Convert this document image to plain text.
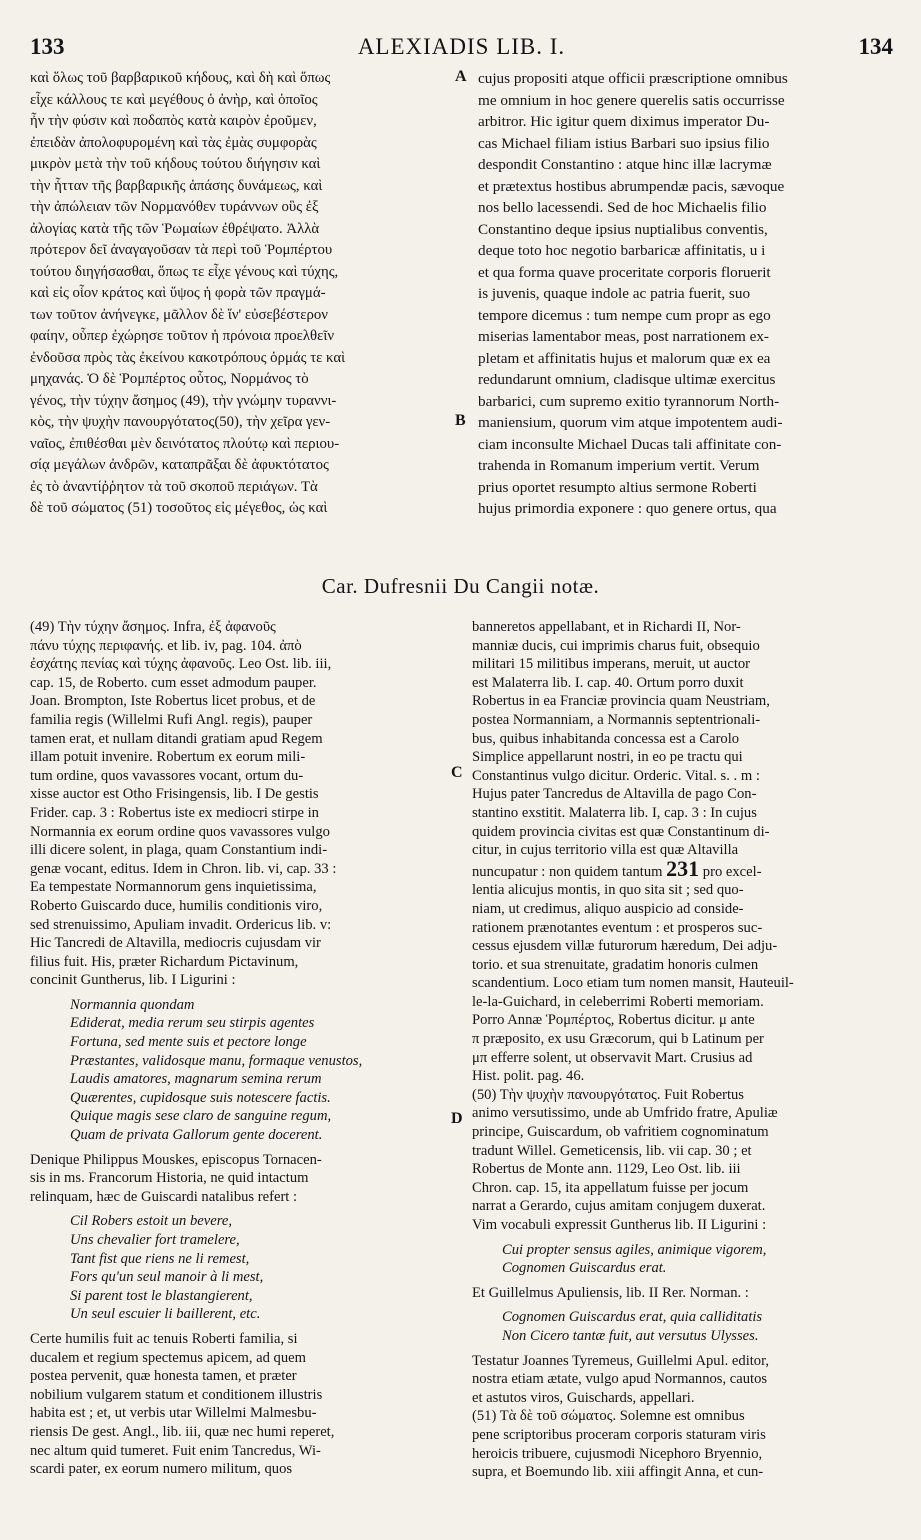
133	ALEXIADIS LIB. I.	134
καὶ ὅλως τοῦ βαρβαρικοῦ κήδους, καὶ δὴ καὶ ὅπως
εἶχε κάλλους τε καὶ μεγέθους ὁ ἀνὴρ, καὶ ὁποῖος
ἦν τὴν φύσιν καὶ ποδαπὸς κατὰ καιρὸν ἐροῦμεν,
ἐπειδὰν ἀπολοφυρομένη καὶ τὰς ἐμὰς συμφορὰς
μικρὸν μετὰ τὴν τοῦ κήδους τούτου διήγησιν καὶ
τὴν ἧτταν τῆς βαρβαρικῆς ἁπάσης δυνάμεως, καὶ
τὴν ἀπώλειαν τῶν Νορμανόθεν τυράννων οὓς ἐξ
ἀλογίας κατὰ τῆς τῶν Ῥωμαίων ἐθρέψατο. Ἀλλὰ
πρότερον δεῖ ἀναγαγοῦσαν τὰ περὶ τοῦ Ῥομπέρτου
τούτου διηγήσασθαι, ὅπως τε εἶχε γένους καὶ τύχης,
καὶ εἰς οἷον κράτος καὶ ὕψος ἡ φορὰ τῶν πραγμά-
των τοῦτον ἀνήνεγκε, μᾶλλον δὲ ἵν' εὐσεβέστερον
φαίην, οὗπερ ἐχώρησε τοῦτον ἡ πρόνοια προελθεῖν
ἐνδοῦσα πρὸς τὰς ἐκείνου κακοτρόπους ὁρμάς τε καὶ
μηχανάς. Ὁ δὲ Ῥομπέρτος οὗτος, Νορμάνος τὸ
γένος, τὴν τύχην ἄσημος (49), τὴν γνώμην τυραννι-
κὸς, τὴν ψυχὴν πανουργότατος(50), τὴν χεῖρα γεν-
ναῖος, ἐπιθέσθαι μὲν δεινότατος πλούτῳ καὶ περιου-
σίᾳ μεγάλων ἀνδρῶν, καταπρᾶξαι δὲ ἀφυκτότατος
ἐς τὸ ἀναντίῤῥητον τὰ τοῦ σκοποῦ περιάγων. Τὰ
δὲ τοῦ σώματος (51) τοσοῦτος εἰς μέγεθος, ὡς καὶ
A
B
cujus propositi atque officii præscriptione omnibus
me omnium in hoc genere querelis satis occurrisse
arbitror. Hic igitur quem diximus imperator Du-
cas Michael filiam istius Barbari suo ipsius filio
despondit Constantino : atque hinc illæ lacrymæ
et prætextus hostibus abrumpendæ pacis, sævoque
nos bello lacessendi. Sed de hoc Michaelis filio
Constantino deque ipsius nuptialibus conventis,
deque toto hoc negotio barbaricæ affinitatis, u i
et qua forma quave proceritate corporis floruerit
is juvenis, quaque indole ac patria fuerit, suo
tempore dicemus : tum nempe cum propr as ego
miserias lamentabor meas, post narrationem ex-
pletam et affinitatis hujus et malorum quæ ex ea
redundarunt omnium, cladisque ultimæ exercitus
barbarici, cum supremo exitio tyrannorum North-
maniensium, quorum vim atque impotentem audi-
ciam inconsulte Michael Ducas tali affinitate con-
trahenda in Romanum imperium vertit. Verum
prius oportet resumpto altius sermone Roberti
hujus primordia exponere : quo genere ortus, qua
Car. Dufresnii Du Cangii notæ.
(49) Τὴν τύχην ἄσημος. Infra, ἐξ ἀφανοῦς
πάνυ τύχης περιφανής. et lib. iv, pag. 104. ἀπὸ
ἐσχάτης πενίας καὶ τύχης ἀφανοῦς. Leo Ost. lib. iii,
cap. 15, de Roberto. cum esset admodum pauper.
Joan. Brompton, Iste Robertus licet probus, et de
familia regis (Willelmi Rufi Angl. regis), pauper
tamen erat, et nullam ditandi gratiam apud Regem
illam potuit invenire. Robertum ex eorum mili-
tum ordine, quos vavassores vocant, ortum du-
xisse auctor est Otho Frisingensis, lib. I De gestis
Frider. cap. 3 : Robertus iste ex mediocri stirpe in
Normannia ex eorum ordine quos vavassores vulgo
illi dicere solent, in plaga, quam Constantium indi-
genæ vocant, editus. Idem in Chron. lib. vi, cap. 33 :
Ea tempestate Normannorum gens inquietissima,
Roberto Guiscardo duce, humilis conditionis viro,
sed strenuissimo, Apuliam invadit. Ordericus lib. v:
Hic Tancredi de Altavilla, mediocris cujusdam vir
filius fuit. His, præter Richardum Pictavinum,
concinit Guntherus, lib. I Ligurini :
Normannia quondam
Ediderat, media rerum seu stirpis agentes
Fortuna, sed mente suis et pectore longe
Præstantes, validosque manu, formaque venustos,
Laudis amatores, magnarum semina rerum
Quærentes, cupidosque suis notescere factis.
Quique magis sese claro de sanguine regum,
Quam de privata Gallorum gente docerent.
Denique Philippus Mouskes, episcopus Tornacen-
sis in ms. Francorum Historia, ne quid intactum
relinquam, hæc de Guiscardi natalibus refert :
Cil Robers estoit un bevere,
Uns chevalier fort tramelere,
Tant fist que riens ne li remest,
Fors qu'un seul manoir à li mest,
Si parent tost le blastangierent,
Un seul escuier li baillerent, etc.
Certe humilis fuit ac tenuis Roberti familia, si
ducalem et regium spectemus apicem, ad quem
postea pervenit, quæ honesta tamen, et præter
nobilium vulgarem statum et conditionem illustris
habita est ; et, ut verbis utar Willelmi Malmesbu-
riensis De gest. Angl., lib. iii, quæ nec humi reperet,
nec altum quid tumeret. Fuit enim Tancredus, Wi-
scardi pater, ex eorum numero militum, quos
C
D
banneretos appellabant, et in Richardi II, Nor-
manniæ ducis, cui imprimis charus fuit, obsequio
militari 15 militibus imperans, meruit, ut auctor
est Malaterra lib. I. cap. 40. Ortum porro duxit
Robertus in ea Franciæ provincia quam Neustriam,
postea Normanniam, a Normannis septentrionali-
bus, quibus inhabitanda concessa est a Carolo
Simplice appellarunt nostri, in eo pe tractu qui
Constantinus vulgo dicitur. Orderic. Vital. s. . m :
Hujus pater Tancredus de Altavilla de pago Con-
stantino exstitit. Malaterra lib. I, cap. 3 : In cujus
quidem provincia civitas est quæ Constantinum di-
citur, in cujus territorio villa est quæ Altavilla
nuncupatur : non quidem tantum 231 pro excel-
lentia alicujus montis, in quo sita sit ; sed quo-
niam, ut credimus, aliquo auspicio ad conside-
rationem prænotantes eventum : et prosperos suc-
cessus ejusdem villæ futurorum hæredum, Dei adju-
torio. et sua strenuitate, gradatim honoris culmen
scandentium. Loco etiam tum nomen mansit, Hauteuil-
le-la-Guichard, in celeberrimi Roberti memoriam.
Porro Annæ Ῥομπέρτος, Robertus dicitur. μ ante
π præposito, ex usu Græcorum, qui b Latinum per
μπ efferre solent, ut observavit Mart. Crusius ad
Hist. polit. pag. 46.
(50) Τὴν ψυχὴν πανουργότατος. Fuit Robertus
animo versutissimo, unde ab Umfrido fratre, Apuliæ
principe, Guiscardum, ob vafritiem cognominatum
tradunt Willel. Gemeticensis, lib. vii cap. 30 ; et
Robertus de Monte ann. 1129, Leo Ost. lib. iii
Chron. cap. 15, ita appellatum fuisse per jocum
narrat a Gerardo, cujus amitam conjugem duxerat.
Vim vocabuli expressit Guntherus lib. II Ligurini :
Cui propter sensus agiles, animique vigorem,
Cognomen Guiscardus erat.
Et Guillelmus Apuliensis, lib. II Rer. Norman. :
Cognomen Guiscardus erat, quia calliditatis
Non Cicero tantæ fuit, aut versutus Ulysses.
Testatur Joannes Tyremeus, Guillelmi Apul. editor,
nostra etiam ætate, vulgo apud Normannos, cautos
et astutos viros, Guischards, appellari.
(51) Τὰ δὲ τοῦ σώματος. Solemne est omnibus
pene scriptoribus proceram corporis staturam viris
heroicis tribuere, cujusmodi Nicephoro Bryennio,
supra, et Boemundo lib. xiii affingit Anna, et cun-
